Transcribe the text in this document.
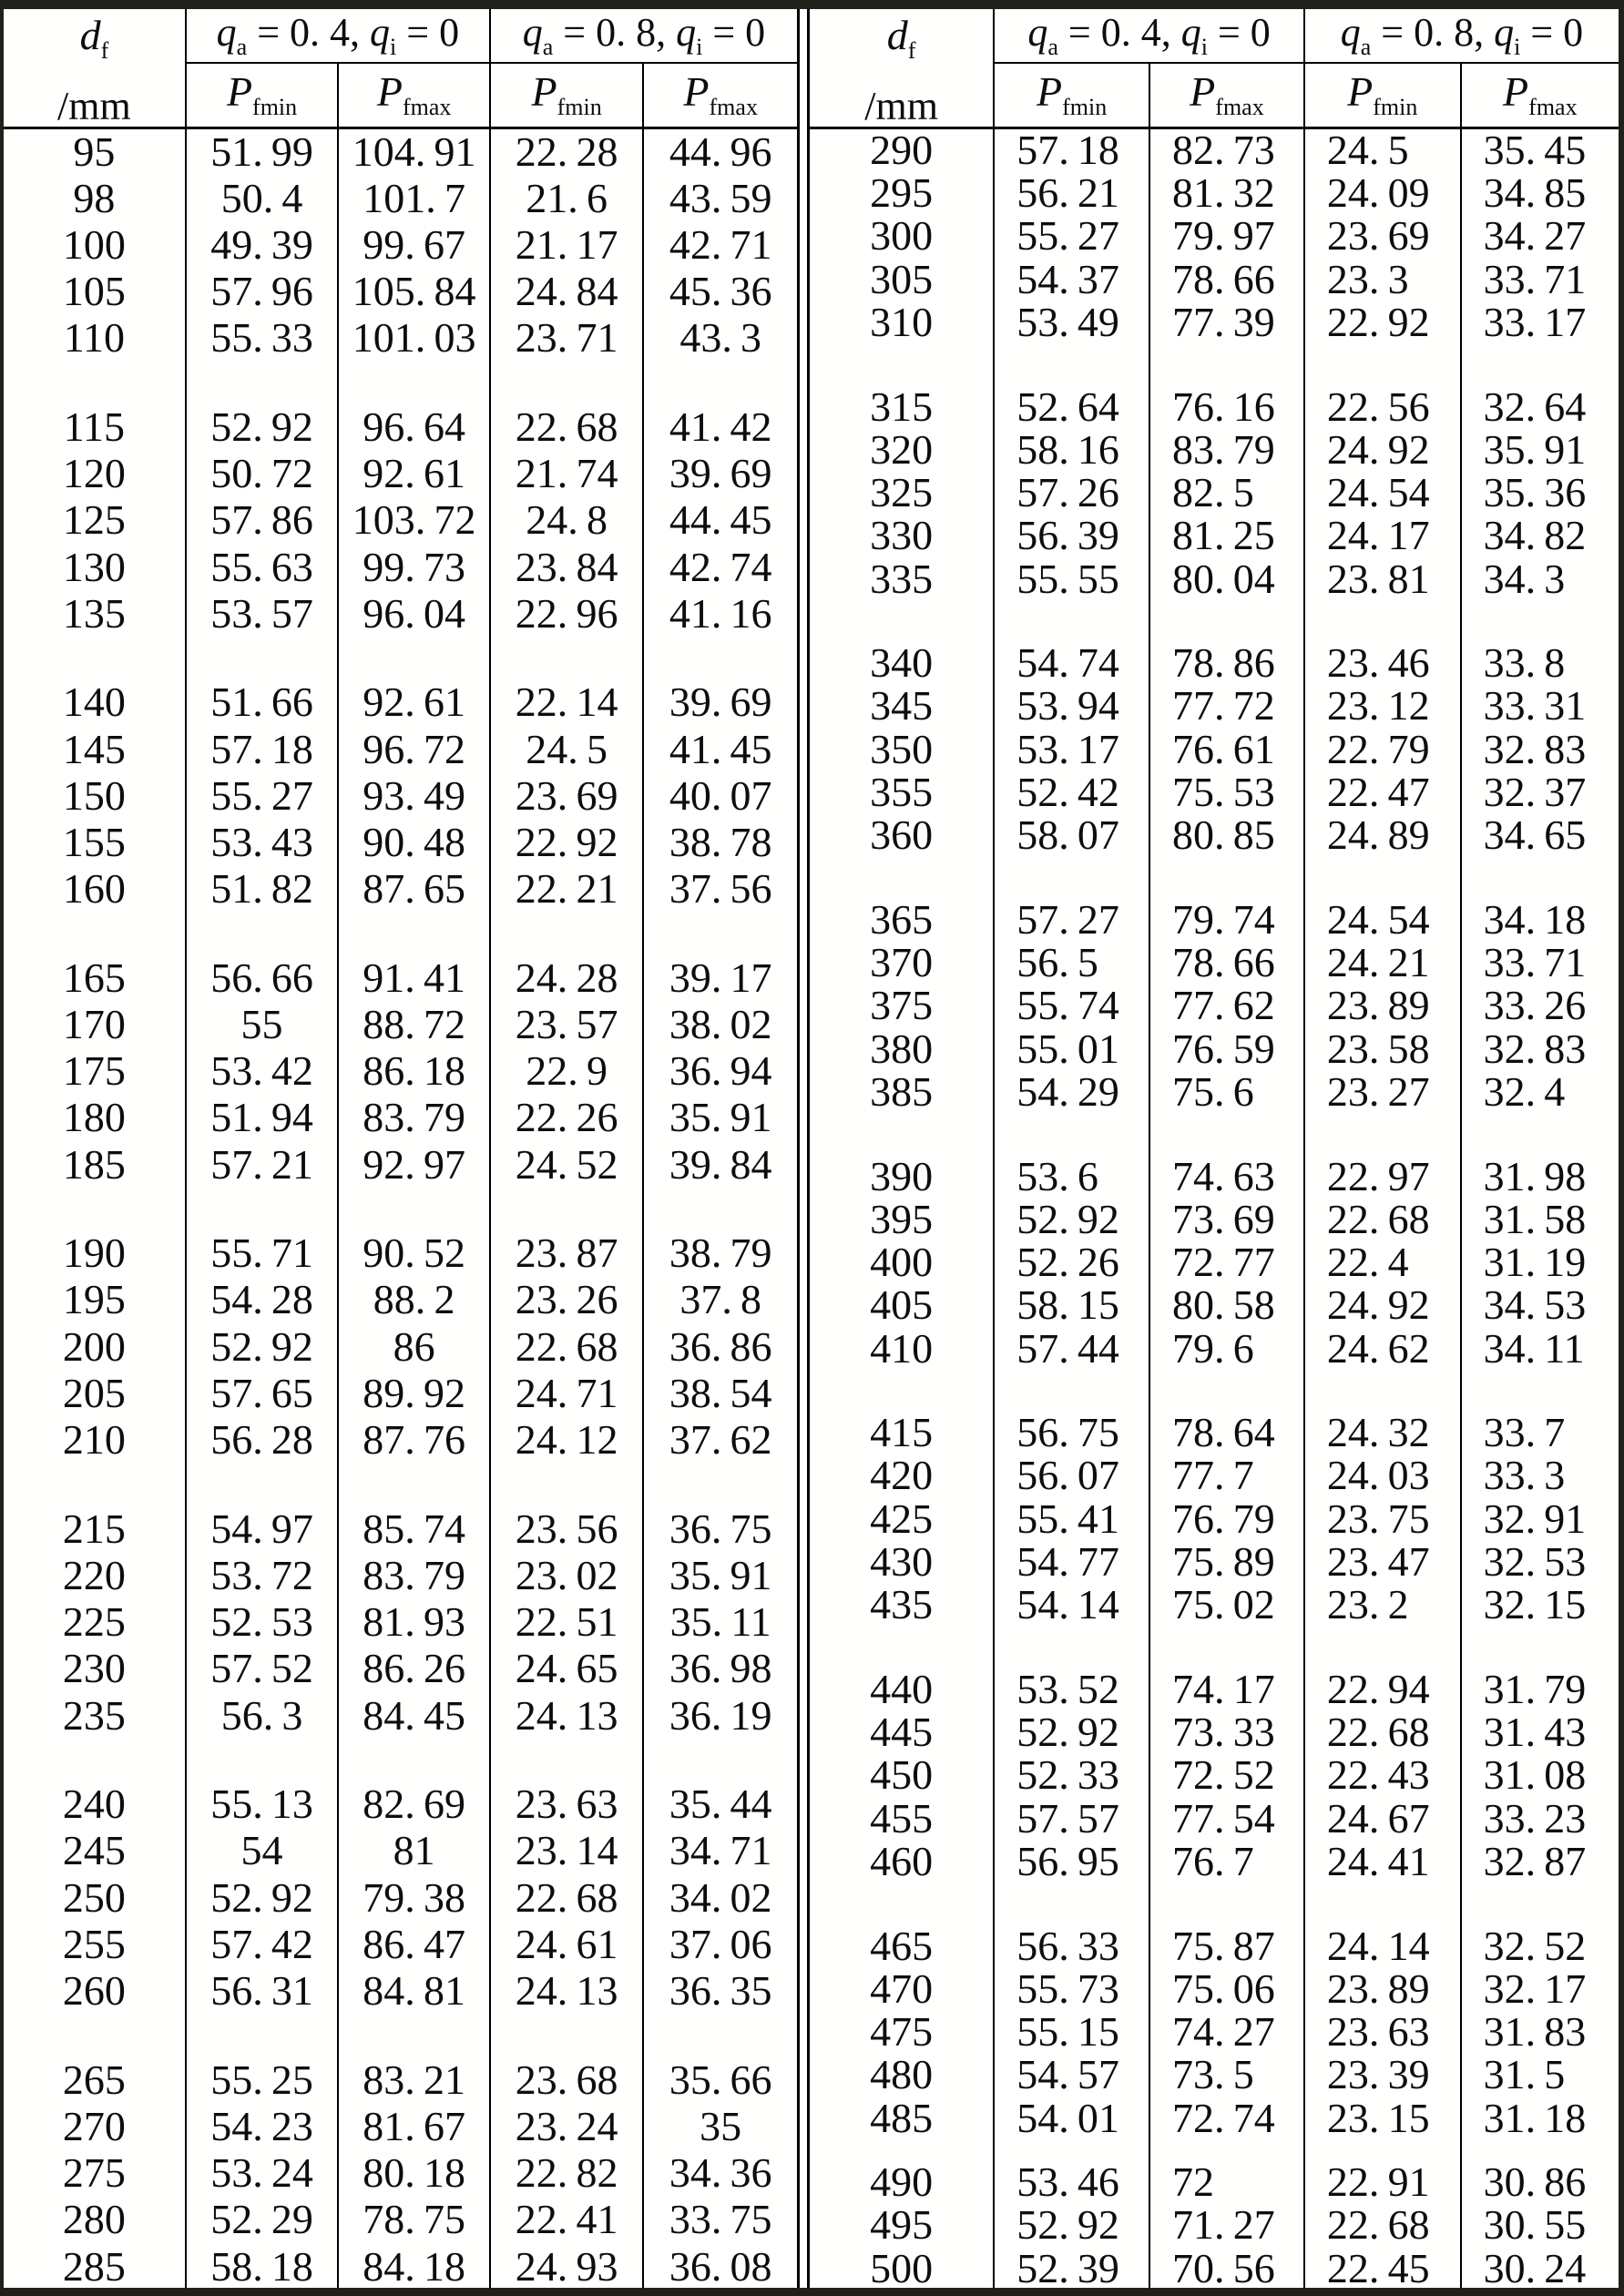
$d_f$
/mm	$q_a = 0$. 4, $q_i = 0$		$q_a = 0$. 8, $q_i = 0$	
	$P_{fmin}$	$P_{fmax}$	$P_{fmin}$	$P_{fmax}$
95	51. 99	104. 91	22. 28	44. 96
98	50. 4	101. 7	21. 6	43. 59
100	49. 39	99. 67	21. 17	42. 71
105	57. 96	105. 84	24. 84	45. 36
110	55. 33	101. 03	23. 71	43. 3

115	52. 92	96. 64	22. 68	41. 42
120	50. 72	92. 61	21. 74	39. 69
125	57. 86	103. 72	24. 8	44. 45
130	55. 63	99. 73	23. 84	42. 74
135	53. 57	96. 04	22. 96	41. 16

140	51. 66	92. 61	22. 14	39. 69
145	57. 18	96. 72	24. 5	41. 45
150	55. 27	93. 49	23. 69	40. 07
155	53. 43	90. 48	22. 92	38. 78
160	51. 82	87. 65	22. 21	37. 56

165	56. 66	91. 41	24. 28	39. 17
170	55	88. 72	23. 57	38. 02
175	53. 42	86. 18	22. 9	36. 94
180	51. 94	83. 79	22. 26	35. 91
185	57. 21	92. 97	24. 52	39. 84

190	55. 71	90. 52	23. 87	38. 79
195	54. 28	88. 2	23. 26	37. 8
200	52. 92	86	22. 68	36. 86
205	57. 65	89. 92	24. 71	38. 54
210	56. 28	87. 76	24. 12	37. 62

215	54. 97	85. 74	23. 56	36. 75
220	53. 72	83. 79	23. 02	35. 91
225	52. 53	81. 93	22. 51	35. 11
230	57. 52	86. 26	24. 65	36. 98
235	56. 3	84. 45	24. 13	36. 19

240	55. 13	82. 69	23. 63	35. 44
245	54	81	23. 14	34. 71
250	52. 92	79. 38	22. 68	34. 02
255	57. 42	86. 47	24. 61	37. 06
260	56. 31	84. 81	24. 13	36. 35

265	55. 25	83. 21	23. 68	35. 66
270	54. 23	81. 67	23. 24	35
275	53. 24	80. 18	22. 82	34. 36
280	52. 29	78. 75	22. 41	33. 75
285	58. 18	84. 18	24. 93	36. 08
$d_f$
/mm	$q_a = 0$. 4, $q_i = 0$		$q_a = 0$. 8, $q_i = 0$	
	$P_{fmin}$	$P_{fmax}$	$P_{fmin}$	$P_{fmax}$
290	57. 18	82. 73	24. 5	35. 45
295	56. 21	81. 32	24. 09	34. 85
300	55. 27	79. 97	23. 69	34. 27
305	54. 37	78. 66	23. 3	33. 71
310	53. 49	77. 39	22. 92	33. 17

315	52. 64	76. 16	22. 56	32. 64
320	58. 16	83. 79	24. 92	35. 91
325	57. 26	82. 5	24. 54	35. 36
330	56. 39	81. 25	24. 17	34. 82
335	55. 55	80. 04	23. 81	34. 3

340	54. 74	78. 86	23. 46	33. 8
345	53. 94	77. 72	23. 12	33. 31
350	53. 17	76. 61	22. 79	32. 83
355	52. 42	75. 53	22. 47	32. 37
360	58. 07	80. 85	24. 89	34. 65

365	57. 27	79. 74	24. 54	34. 18
370	56. 5	78. 66	24. 21	33. 71
375	55. 74	77. 62	23. 89	33. 26
380	55. 01	76. 59	23. 58	32. 83
385	54. 29	75. 6	23. 27	32. 4

390	53. 6	74. 63	22. 97	31. 98
395	52. 92	73. 69	22. 68	31. 58
400	52. 26	72. 77	22. 4	31. 19
405	58. 15	80. 58	24. 92	34. 53
410	57. 44	79. 6	24. 62	34. 11

415	56. 75	78. 64	24. 32	33. 7
420	56. 07	77. 7	24. 03	33. 3
425	55. 41	76. 79	23. 75	32. 91
430	54. 77	75. 89	23. 47	32. 53
435	54. 14	75. 02	23. 2	32. 15

440	53. 52	74. 17	22. 94	31. 79
445	52. 92	73. 33	22. 68	31. 43
450	52. 33	72. 52	22. 43	31. 08
455	57. 57	77. 54	24. 67	33. 23
460	56. 95	76. 7	24. 41	32. 87

465	56. 33	75. 87	24. 14	32. 52
470	55. 73	75. 06	23. 89	32. 17
475	55. 15	74. 27	23. 63	31. 83
480	54. 57	73. 5	23. 39	31. 5
485	54. 01	72. 74	23. 15	31. 18

490	53. 46	72	22. 91	30. 86
495	52. 92	71. 27	22. 68	30. 55
500	52. 39	70. 56	22. 45	30. 24
